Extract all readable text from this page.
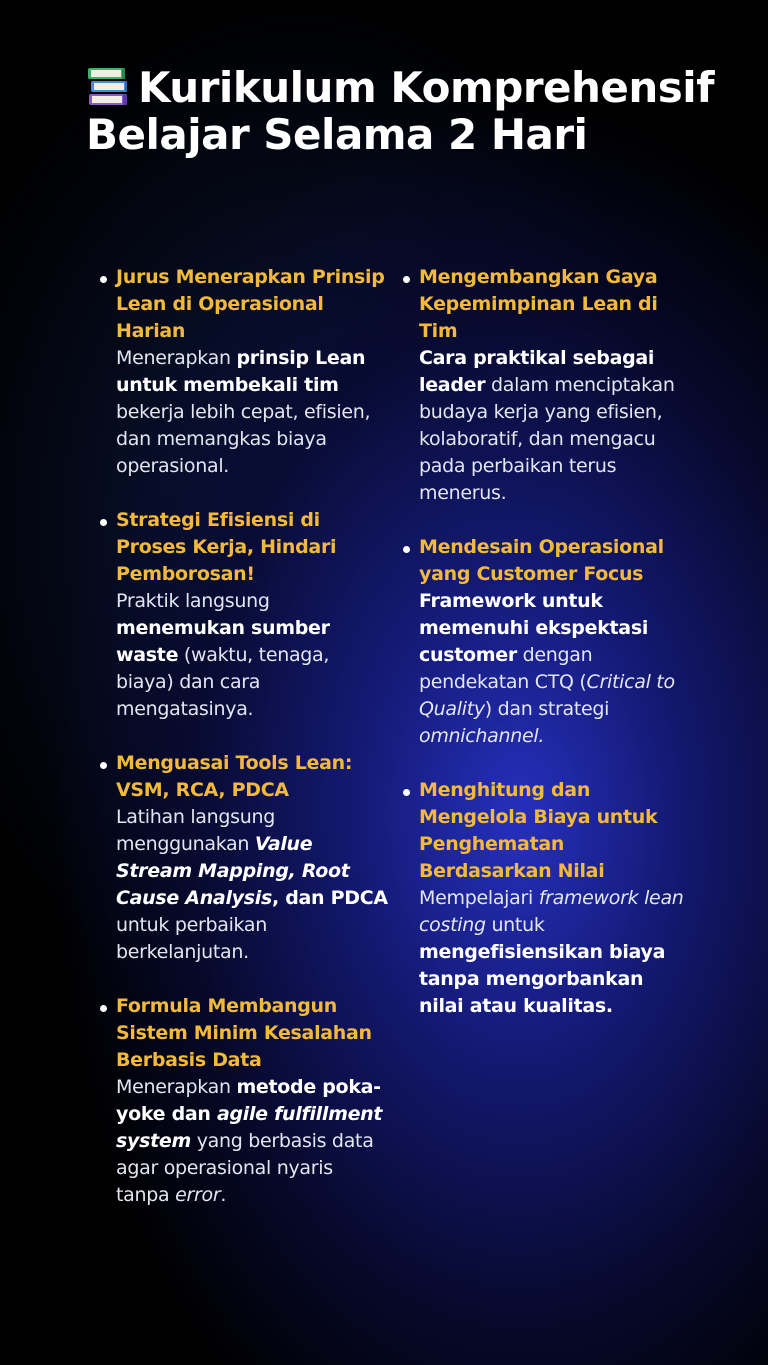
Kurikulum Komprehensif Belajar Selama 2 Hari
Jurus Menerapkan Prinsip Lean di Operasional Harian
Menerapkan prinsip Lean untuk membekali tim bekerja lebih cepat, efisien, dan memangkas biaya operasional.
Strategi Efisiensi di Proses Kerja, Hindari Pemborosan!
Praktik langsung menemukan sumber waste (waktu, tenaga, biaya) dan cara mengatasinya.
Menguasai Tools Lean: VSM, RCA, PDCA
Latihan langsung menggunakan Value Stream Mapping, Root Cause Analysis, dan PDCA untuk perbaikan berkelanjutan.
Formula Membangun Sistem Minim Kesalahan Berbasis Data
Menerapkan metode poka-yoke dan agile fulfillment system yang berbasis data agar operasional nyaris tanpa error.
Mengembangkan Gaya Kepemimpinan Lean di Tim
Cara praktikal sebagai leader dalam menciptakan budaya kerja yang efisien, kolaboratif, dan mengacu pada perbaikan terus menerus.
Mendesain Operasional yang Customer Focus
Framework untuk memenuhi ekspektasi customer dengan pendekatan CTQ (Critical to Quality) dan strategi omnichannel.
Menghitung dan Mengelola Biaya untuk Penghematan Berdasarkan Nilai
Mempelajari framework lean costing untuk mengefisiensikan biaya tanpa mengorbankan nilai atau kualitas.
